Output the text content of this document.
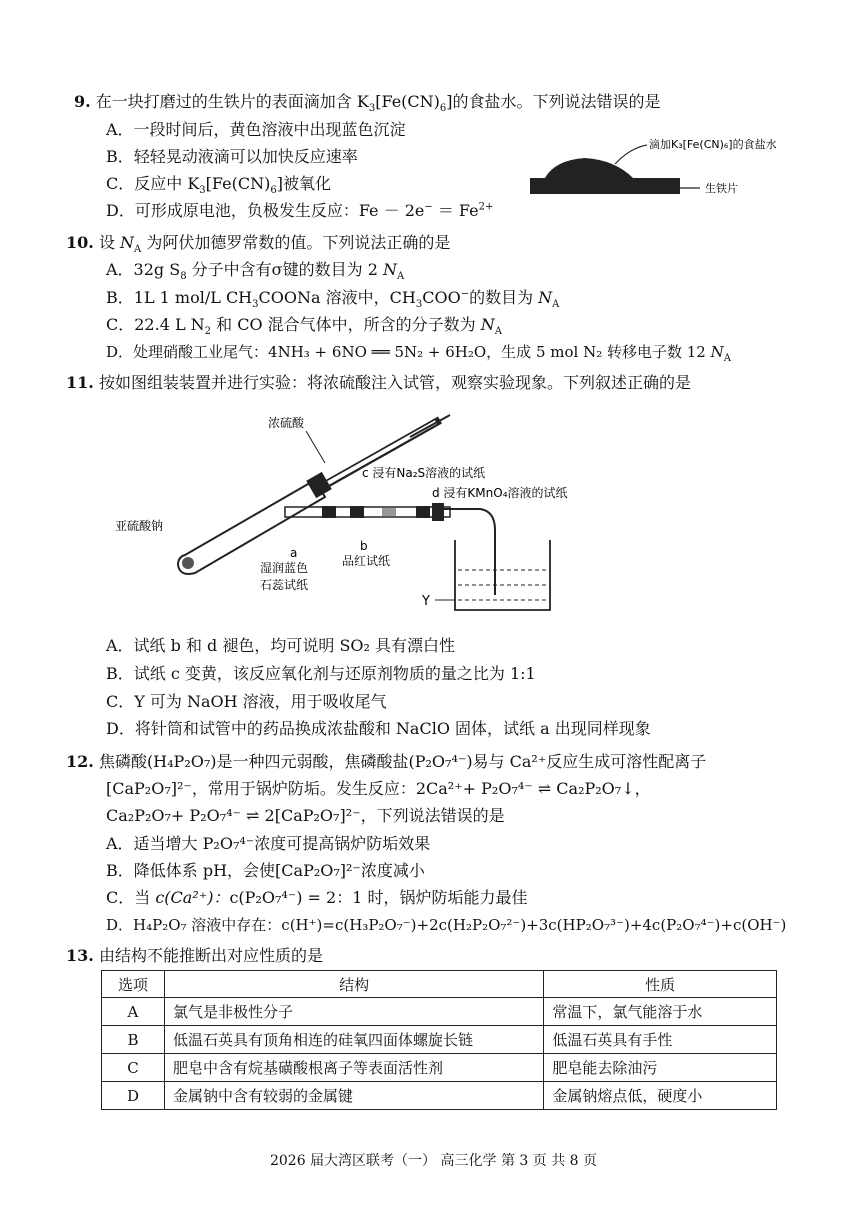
9. 在一块打磨过的生铁片的表面滴加含 $K_3[Fe(CN)_6]$的食盐水。下列说法错误的是
A．一段时间后，黄色溶液中出现蓝色沉淀
B．轻轻晃动液滴可以加快反应速率
C．反应中 $K_3[Fe(CN)_6]$被氧化
D．可形成原电池，负极发生反应：$Fe - 2e^- = Fe^{2+}$
滴加K₃[Fe(CN)₆]的食盐水
生铁片
10. 设 $N_A$ 为阿伏加德罗常数的值。下列说法正确的是
A．32g $S_8$ 分子中含有σ键的数目为 2 $N_A$
B．1L 1 mol/L $CH_3COONa$ 溶液中，$CH_3COO^-$的数目为 $N_A$
C．22.4 L $N_2$ 和 CO 混合气体中，所含的分子数为 $N_A$
D．处理硝酸工业尾气：4NH₃ + 6NO ══ 5N₂ + 6H₂O，生成 5 mol N₂ 转移电子数 12 $N_A$
11. 按如图组装装置并进行实验：将浓硫酸注入试管，观察实验现象。下列叙述正确的是
浓硫酸
c 浸有Na₂S溶液的试纸
d 浸有KMnO₄溶液的试纸
亚硫酸钠
a
湿润蓝色
石蕊试纸
b
品红试纸
Y
A．试纸 b 和 d 褪色，均可说明 SO₂ 具有漂白性
B．试纸 c 变黄，该反应氧化剂与还原剂物质的量之比为 1:1
C．Y 可为 NaOH 溶液，用于吸收尾气
D．将针筒和试管中的药品换成浓盐酸和 NaClO 固体，试纸 a 出现同样现象
12. 焦磷酸(H₄P₂O₇)是一种四元弱酸，焦磷酸盐(P₂O₇⁴⁻)易与 Ca²⁺反应生成可溶性配离子
[CaP₂O₇]²⁻，常用于锅炉防垢。发生反应：2Ca²⁺+ P₂O₇⁴⁻ ⇌ Ca₂P₂O₇↓，
Ca₂P₂O₇+ P₂O₇⁴⁻ ⇌ 2[CaP₂O₇]²⁻，下列说法错误的是
A．适当增大 P₂O₇⁴⁻浓度可提高锅炉防垢效果
B．降低体系 pH，会使[CaP₂O₇]²⁻浓度减小
C．当 c(Ca²⁺)：c(P₂O₇⁴⁻) = 2：1 时，锅炉防垢能力最佳
D．H₄P₂O₇ 溶液中存在：c(H⁺)=c(H₃P₂O₇⁻)+2c(H₂P₂O₇²⁻)+3c(HP₂O₇³⁻)+4c(P₂O₇⁴⁻)+c(OH⁻)
13. 由结构不能推断出对应性质的是
选项	结构	性质
A	氯气是非极性分子	常温下，氯气能溶于水
B	低温石英具有顶角相连的硅氧四面体螺旋长链	低温石英具有手性
C	肥皂中含有烷基磺酸根离子等表面活性剂	肥皂能去除油污
D	金属钠中含有较弱的金属键	金属钠熔点低，硬度小
2026 届大湾区联考（一） 高三化学 第 3 页 共 8 页
